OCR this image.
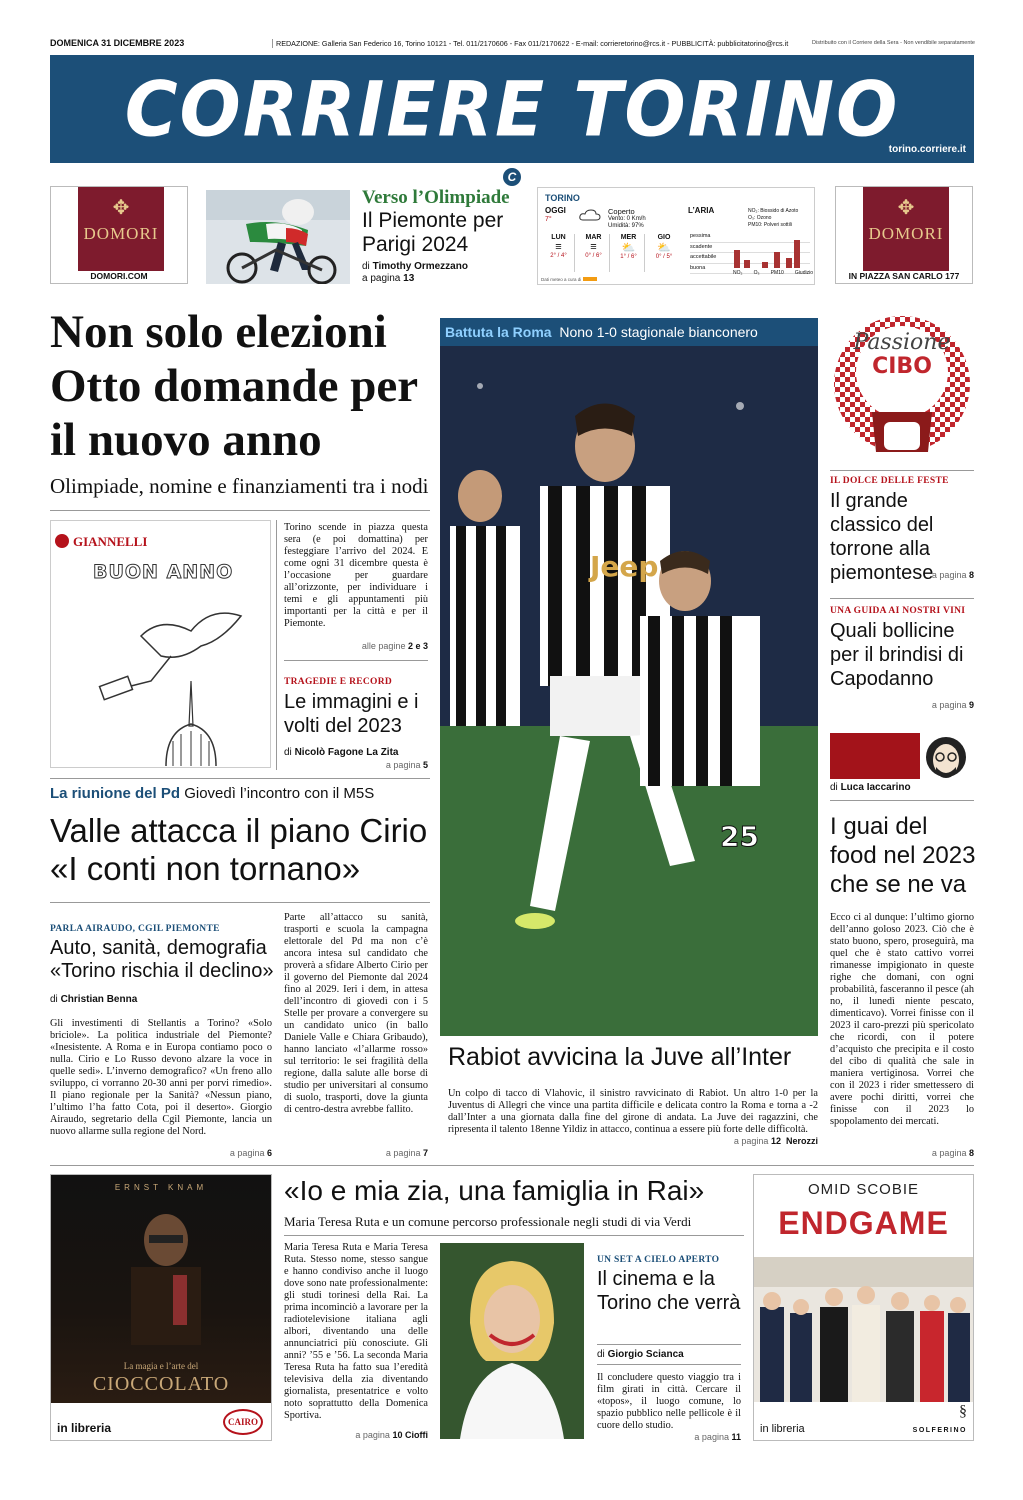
DOMENICA 31 DICEMBRE 2023	REDAZIONE: Galleria San Federico 16, Torino 10121 - Tel. 011/2170606 - Fax 011/2170622 - E-mail: corrieretorino@rcs.it - PUBBLICITÀ: pubblicitatorino@rcs.it	Distribuito con il Corriere della Sera - Non vendibile separatamente
CORRIERE TORINO
torino.corriere.it
C
✥
DOMORI
DOMORI.COM
Verso l’Olimpiade
Il Piemonte per Parigi 2024
di Timothy Ormezzano
a pagina 13
TORINO
OGGI
7°
Coperto
Vento: 0 Km/h
Umidità: 97%
LUN
≡
2° / 4°
MAR
≡
0° / 6°
MER
⛅
1° / 6°
GIO
⛅
0° / 5°
Dati meteo a cura di
L’ARIA	NO₂: Biossido di Azoto
O₃: Ozono
PM10: Polveri sottili
pessima
scadente
accettabile
buona
NO₂ O₃ PM10 Giudizio
✥
DOMORI
IN PIAZZA SAN CARLO 177
Non solo elezioni Otto domande per il nuovo anno
Olimpiade, nomine e finanziamenti tra i nodi
GIANNELLI
BUON ANNO
Torino scende in piazza questa sera (e poi domattina) per festeggiare l’arrivo del 2024. E come ogni 31 dicembre questa è l’occasione per guardare all’orizzonte, per individuare i temi e gli appuntamenti più importanti per la città e per il Piemonte.
alle pagine 2 e 3
TRAGEDIE E RECORD
Le immagini e i volti del 2023
di Nicolò Fagone La Zita
a pagina 5
Battuta la Roma Nono 1-0 stagionale bianconero
Jeep
25
Rabiot avvicina la Juve all’Inter
Un colpo di tacco di Vlahovic, il sinistro ravvicinato di Rabiot. Un altro 1-0 per la Juventus di Allegri che vince una partita difficile e delicata contro la Roma e torna a -2 dall’Inter a una giornata dalla fine del girone di andata. La Juve dei ragazzini, che ripresenta il talento 18enne Yildiz in attacco, continua a essere più forte delle difficoltà.
a pagina 12 Nerozzi
La riunione del Pd Giovedì l’incontro con il M5S
Valle attacca il piano Cirio «I conti non tornano»
PARLA AIRAUDO, CGIL PIEMONTE
Auto, sanità, demografia «Torino rischia il declino»
di Christian Benna
Gli investimenti di Stellantis a Torino? «Solo briciole». La politica industriale del Piemonte? «Inesistente. A Roma e in Europa contiamo poco o nulla. Cirio e Lo Russo devono alzare la voce in quelle sedi». L’inverno demografico? «Un freno allo sviluppo, ci vorranno 20-30 anni per porvi rimedio». Il piano regionale per la Sanità? «Nessun piano, l’ultimo l’ha fatto Cota, poi il deserto». Giorgio Airaudo, segretario della Cgil Piemonte, lancia un nuovo allarme sulla regione del Nord.
a pagina 6
Parte all’attacco su sanità, trasporti e scuola la campagna elettorale del Pd ma non c’è ancora intesa sul candidato che proverà a sfidare Alberto Cirio per il governo del Piemonte dal 2024 fino al 2029. Ieri i dem, in attesa dell’incontro di giovedì con i 5 Stelle per provare a convergere su un candidato unico (in ballo Daniele Valle e Chiara Gribaudo), hanno lanciato «l’allarme rosso» sul territorio: le sei fragilità della regione, dalla salute alle borse di studio per universitari al consumo di suolo, trasporti, dove la giunta di centro-destra avrebbe fallito.
a pagina 7
Passione
CIBO
IL DOLCE DELLE FESTE
Il grande classico del torrone alla piemontese
a pagina 8
UNA GUIDA AI NOSTRI VINI
Quali bollicine per il brindisi di Capodanno
a pagina 9
di Luca Iaccarino
I guai del food nel 2023 che se ne va
Ecco ci al dunque: l’ultimo giorno dell’anno goloso 2023. Ciò che è stato buono, spero, proseguirà, ma quel che è stato cattivo vorrei rimanesse impigionato in queste righe che domani, con ogni probabilità, fasceranno il pesce (ah no, il lunedì niente pescato, dimenticavo). Vorrei finisse con il 2023 il caro-prezzi più spericolato che ricordi, con il potere d’acquisto che precipita e il costo del cibo di qualità che sale in maniera vertiginosa. Vorrei che con il 2023 i rider smettessero di avere pochi diritti, vorrei che finisse con il 2023 lo spopolamento dei mercati.
a pagina 8
ERNST KNAM
La magia e l’arte del
CIOCCOLATO
in libreria	CAIRO
«Io e mia zia, una famiglia in Rai»
Maria Teresa Ruta e un comune percorso professionale negli studi di via Verdi
Maria Teresa Ruta e Maria Teresa Ruta. Stesso nome, stesso sangue e hanno condiviso anche il luogo dove sono nate professionalmente: gli studi torinesi della Rai. La prima incominciò a lavorare per la radiotelevisione italiana agli albori, diventando una delle annunciatrici più conosciute. Gli anni? ’55 e ’56. La seconda Maria Teresa Ruta ha fatto sua l’eredità televisiva della zia diventando giornalista, presentatrice e volto noto soprattutto della Domenica Sportiva.
a pagina 10 Cioffi
UN SET A CIELO APERTO
Il cinema e la Torino che verrà
di Giorgio Scianca
Il concludere questo viaggio tra i film girati in città. Cercare il «topos», il luogo comune, lo spazio pubblico nelle pellicole è il cuore dello studio.
a pagina 11
OMID SCOBIE
ENDGAME
in libreria
§
SOLFERINO
